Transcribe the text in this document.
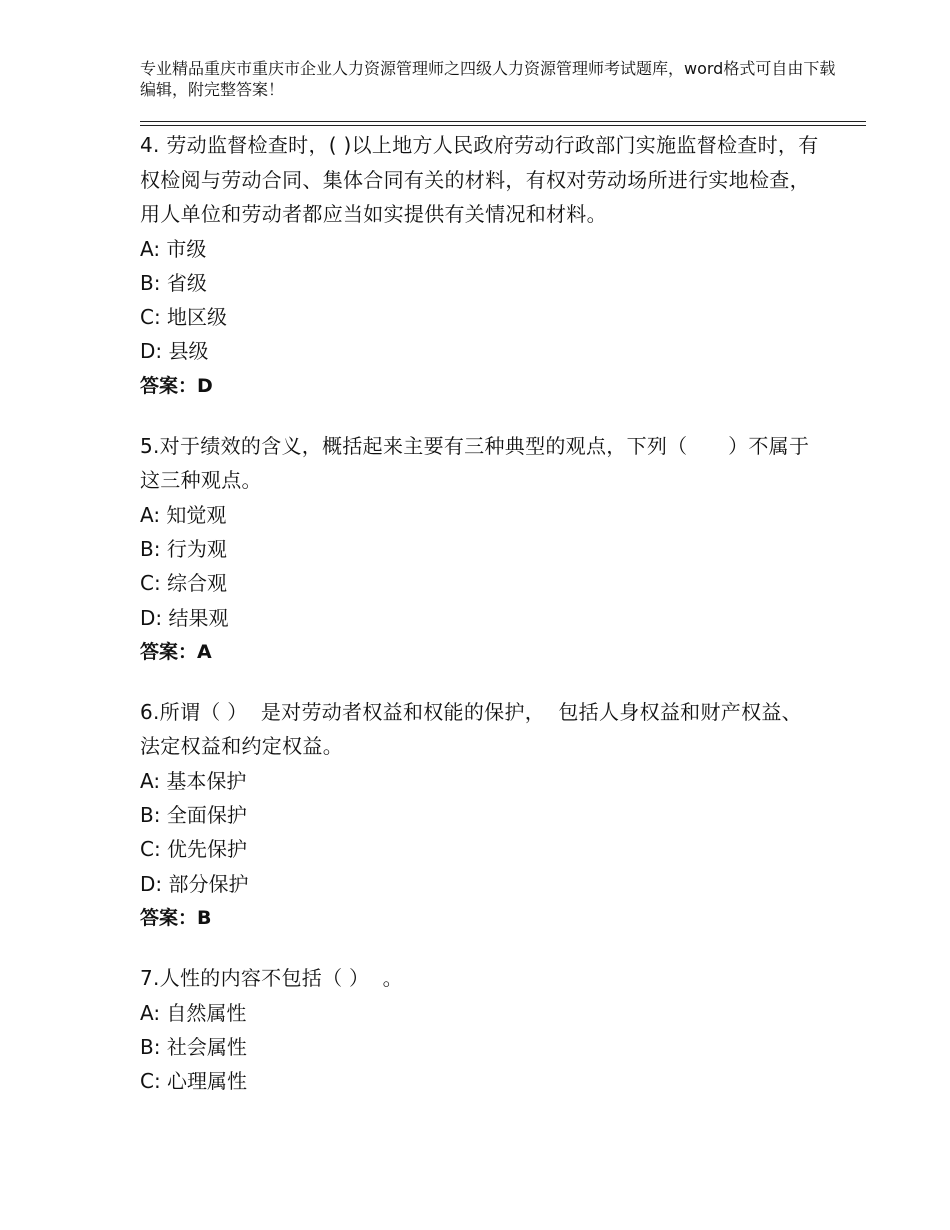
专业精品重庆市重庆市企业人力资源管理师之四级人力资源管理师考试题库，word格式可自由下载编辑，附完整答案！
4. 劳动监督检查时，( )以上地方人民政府劳动行政部门实施监督检查时，有权检阅与劳动合同、集体合同有关的材料，有权对劳动场所进行实地检查，用人单位和劳动者都应当如实提供有关情况和材料。
A: 市级
B: 省级
C: 地区级
D: 县级
答案：D
5.对于绩效的含义，概括起来主要有三种典型的观点，下列（　　）不属于这三种观点。
A: 知觉观
B: 行为观
C: 综合观
D: 结果观
答案：A
6.所谓（ ）  是对劳动者权益和权能的保护，  包括人身权益和财产权益、  法定权益和约定权益。
A: 基本保护
B: 全面保护
C: 优先保护
D: 部分保护
答案：B
7.人性的内容不包括（ ）  。
A: 自然属性
B: 社会属性
C: 心理属性
